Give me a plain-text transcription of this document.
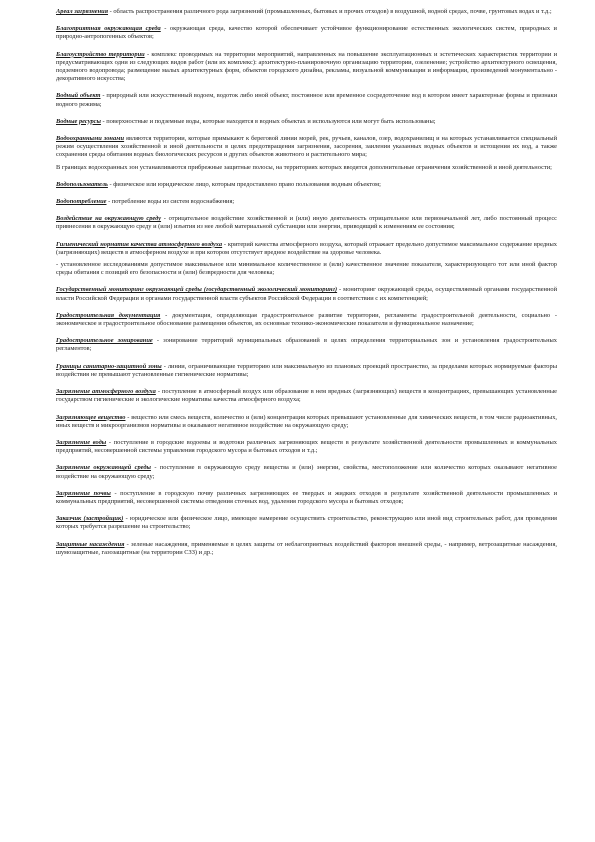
Ареал загрязнения - область распространения различного рода загрязнений (промышленных, бытовых и прочих отходов) в воздушной, водной средах, почве, грунтовых водах и т.д.;

Благоприятная окружающая среда - окружающая среда, качество которой обеспечивает устойчивое функционирование естественных экологических систем, природных и природно-антропогенных объектов;

Благоустройство территории - комплекс проводимых на территории мероприятий, направленных на повышение эксплуатационных и эстетических характеристик территории и предусматривающих одни из следующих видов работ (или их комплекс): архитектурно-планировочную организацию территории, озеленение; устройство архитектурного освещения, подземного водопровода; размещение малых архитектурных форм, объектов городского дизайна, рекламы, визуальной коммуникации и информации, произведений монументально - декоративного искусства;

Водный объект - природный или искусственный водоем, водоток либо иной объект, постоянное или временное сосредоточение вод в котором имеет характерные формы и признаки водного режима;

Водные ресурсы - поверхностные и подземные воды, которые находятся в водных объектах и используются или могут быть использованы;

Водоохранными зонами являются территории, которые примыкают к береговой линии морей, рек, ручьев, каналов, озер, водохранилищ и на которых устанавливается специальный режим осуществления хозяйственной и иной деятельности в целях предотвращения загрязнения, засорения, заиления указанных водных объектов и истощения их вод, а также сохранения среды обитания водных биологических ресурсов и других объектов животного и растительного мира;

В границах водоохранных зон устанавливаются прибрежные защитные полосы, на территориях которых вводятся дополнительные ограничения хозяйственной и иной деятельности;

Водопользователь - физическое или юридическое лицо, которым предоставлено право пользования водным объектом;

Водопотребление - потребление воды из систем водоснабжения;

Воздействие на окружающую среду - отрицательное воздействие хозяйственной и (или) иную деятельность отрицательное или первоначальной лет, либо постоянный процесс привнесения в окружающую среду и (или) изъятия из нее любой материальной субстанции или энергии, приводящий к изменениям ее состояния;

Гигиенический норматив качества атмосферного воздуха - критерий качества атмосферного воздуха, который отражает предельно допустимое максимальное содержание вредных (загрязняющих) веществ в атмосферном воздухе и при котором отсутствует вредное воздействие на здоровье человека.

- установленное исследованиями допустимое максимальное или минимальное количественное и (или) качественное значение показателя, характеризующего тот или иной фактор среды обитания с позиций его безопасности и (или) безвредности для человека;

Государственный мониторинг окружающей среды (государственный экологический мониторинг) - мониторинг окружающей среды, осуществляемый органами государственной власти Российской Федерации и органами государственной власти субъектов Российской Федерации в соответствии с их компетенцией;

Градостроительная документация - документация, определяющая градостроительное развитие территории, регламенты градостроительной деятельности, социально - экономическое и градостроительное обоснование размещения объектов, их основные технико-экономические показатели и функциональное назначение;

Градостроительное зонирование - зонирование территорий муниципальных образований в целях определения территориальных зон и установления градостроительных регламентов;

Границы санитарно-защитной зоны - линии, ограничивающие территорию или максимальную из плановых проекций пространство, за пределами которых нормируемые факторы воздействия не превышают установленные гигиенические нормативы;

Загрязнение атмосферного воздуха - поступление в атмосферный воздух или образование в нем вредных (загрязняющих) веществ в концентрациях, превышающих установленные государством гигиенические и экологические нормативы качества атмосферного воздуха;

Загрязняющее вещество - вещество или смесь веществ, количество и (или) концентрация которых превышают установленные для химических веществ, в том числе радиоактивных, иных веществ и микроорганизмов нормативы и оказывают негативное воздействие на окружающую среду;

Загрязнение воды - поступление в городские водоемы и водотоки различных загрязняющих веществ в результате хозяйственной деятельности промышленных и коммунальных предприятий, несовершенной системы управления городского мусора и бытовых отходов и т.д.;

Загрязнение окружающей среды - поступление в окружающую среду вещества и (или) энергии, свойства, местоположение или количество которых оказывают негативное воздействие на окружающую среду;

Загрязнение почвы - поступление в городскую почву различных загрязняющих ее твердых и жидких отходов в результате хозяйственной деятельности промышленных и коммунальных предприятий, несовершенной системы отведения сточных вод, удаления городского мусора и бытовых отходов;

Заказчик (застройщик) - юридическое или физическое лицо, имеющее намерение осуществить строительство, реконструкцию или иной вид строительных работ, для проведения которых требуется разрешение на строительство;

Защитные насаждения - зеленые насаждения, применяемые в целях защиты от неблагоприятных воздействий факторов внешней среды, - например, ветрозащитные насаждения, шумозащитные, газозащитные (на территории СЗЗ) и др.;
